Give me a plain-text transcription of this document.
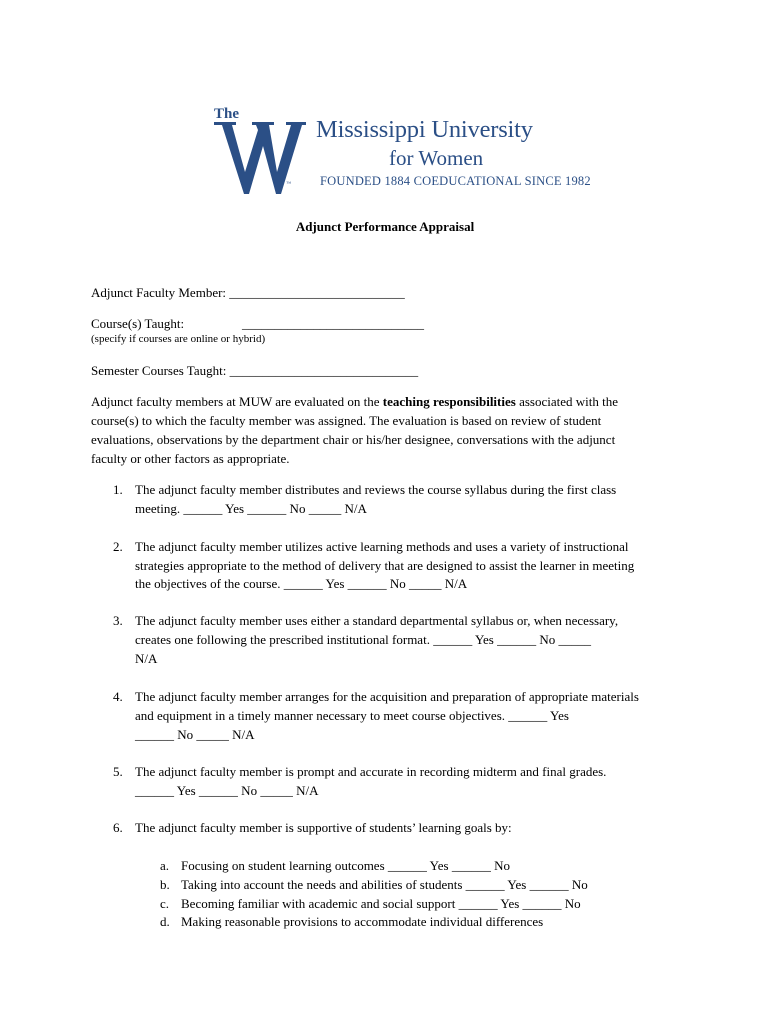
The
™
Mississippi University
for Women
FOUNDED 1884 COEDUCATIONAL SINCE 1982
Adjunct Performance Appraisal
Adjunct Faculty Member: ___________________________
Course(s) Taught:	____________________________
(specify if courses are online or hybrid)
Semester Courses Taught: _____________________________
Adjunct faculty members at MUW are evaluated on the teaching responsibilities associated with the
course(s) to which the faculty member was assigned. The evaluation is based on review of student
evaluations, observations by the department chair or his/her designee, conversations with the adjunct
faculty or other factors as appropriate.
1. The adjunct faculty member distributes and reviews the course syllabus during the first class
meeting. ______ Yes ______ No _____ N/A
2. The adjunct faculty member utilizes active learning methods and uses a variety of instructional
strategies appropriate to the method of delivery that are designed to assist the learner in meeting
the objectives of the course. ______ Yes ______ No _____ N/A
3. The adjunct faculty member uses either a standard departmental syllabus or, when necessary,
creates one following the prescribed institutional format. ______ Yes ______ No _____
N/A
4. The adjunct faculty member arranges for the acquisition and preparation of appropriate materials
and equipment in a timely manner necessary to meet course objectives. ______ Yes
______ No _____ N/A
5. The adjunct faculty member is prompt and accurate in recording midterm and final grades.
______ Yes ______ No _____ N/A
6. The adjunct faculty member is supportive of students’ learning goals by:
a. Focusing on student learning outcomes ______ Yes ______ No
b. Taking into account the needs and abilities of students ______ Yes ______ No
c. Becoming familiar with academic and social support ______ Yes ______ No
d. Making reasonable provisions to accommodate individual differences
